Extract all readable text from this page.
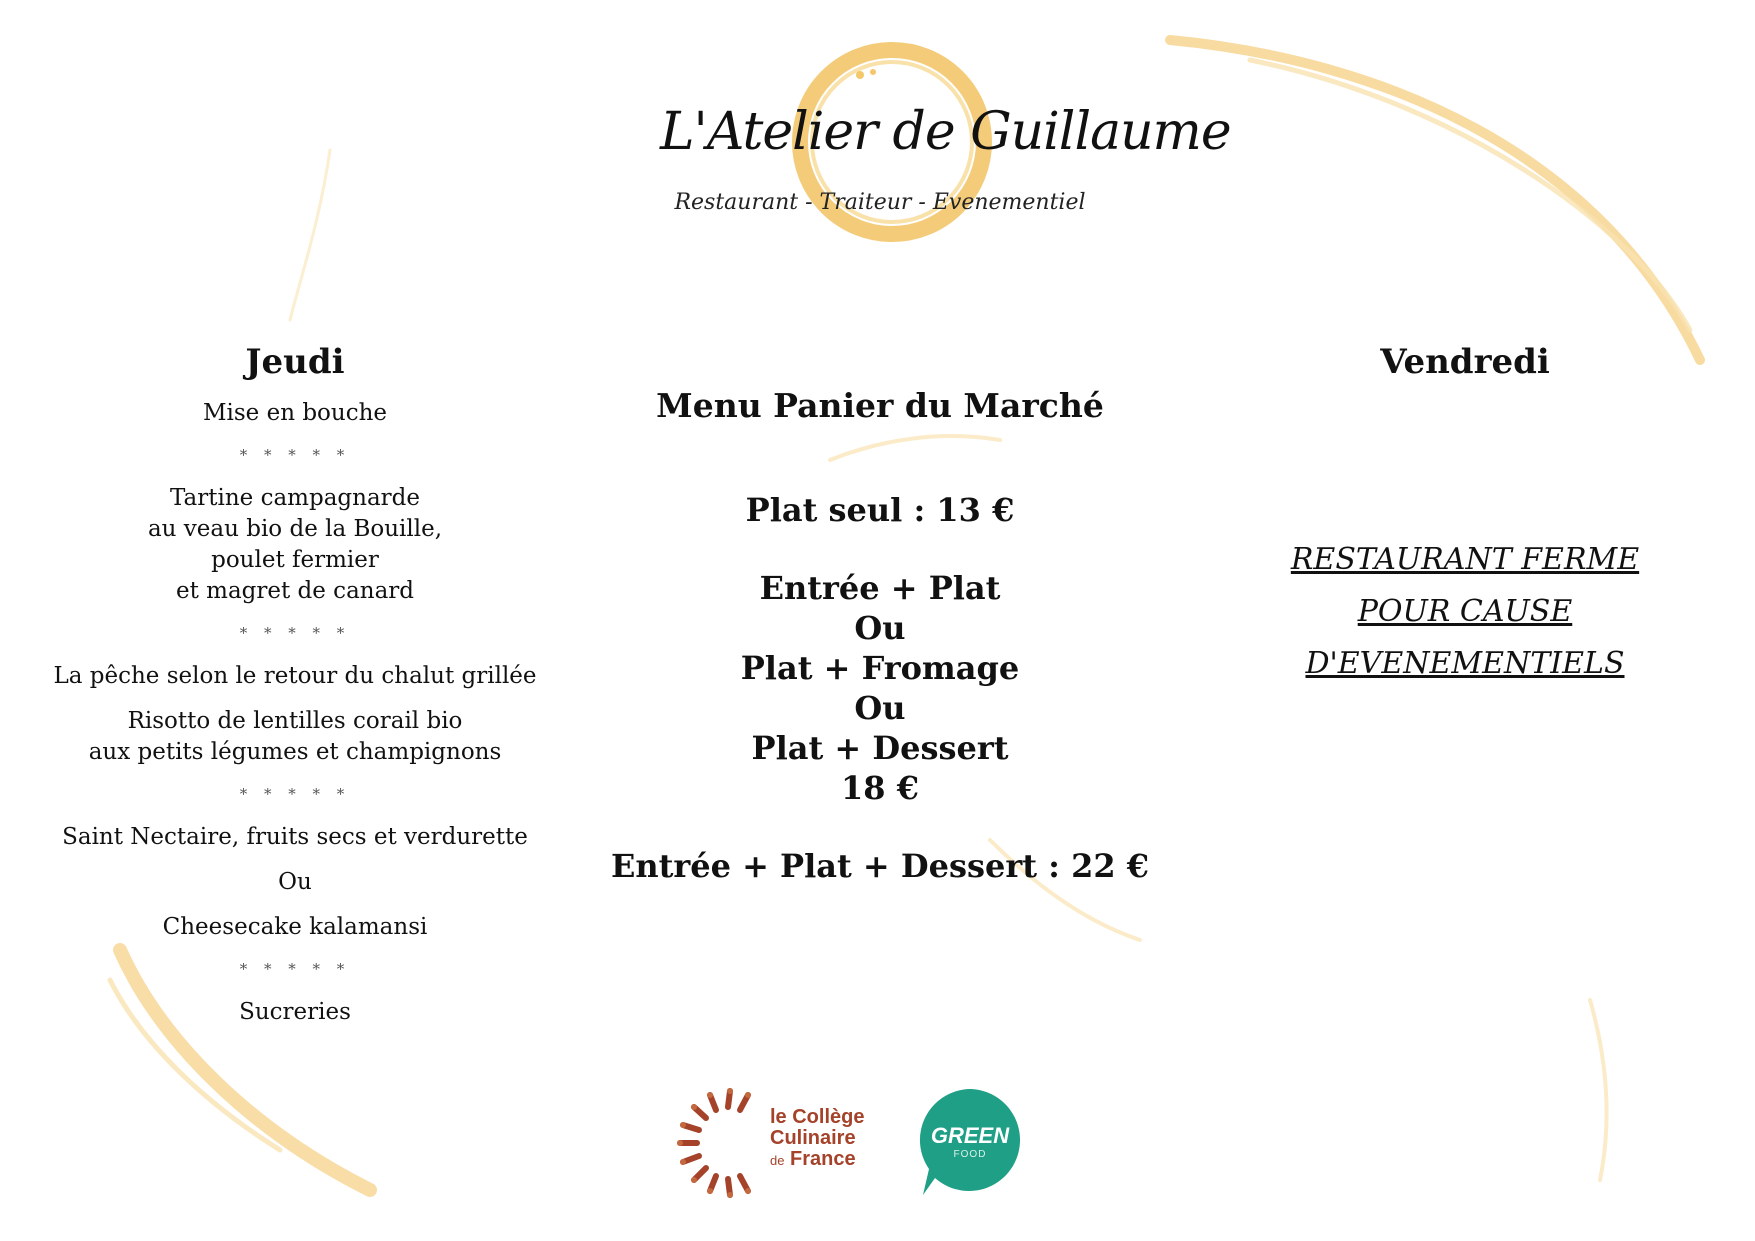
L'Atelier de Guillaume
Restaurant - Traiteur - Evenementiel
Jeudi

Mise en bouche

* * * * *

Tartine campagnarde

au veau bio de la Bouille,

poulet fermier

et magret de canard

* * * * *

La pêche selon le retour du chalut grillée

Risotto de lentilles corail bio

aux petits légumes et champignons

* * * * *

Saint Nectaire, fruits secs et verdurette

Ou

Cheesecake kalamansi

* * * * *

Sucreries

Menu Panier du Marché

Plat seul : 13 €

Entrée + Plat

Ou

Plat + Fromage

Ou

Plat + Dessert

18 €

Entrée + Plat + Dessert : 22 €

Vendredi

RESTAURANT FERME

POUR CAUSE

D'EVENEMENTIELS

le Collège
Culinaire
de France
GREEN
FOOD
